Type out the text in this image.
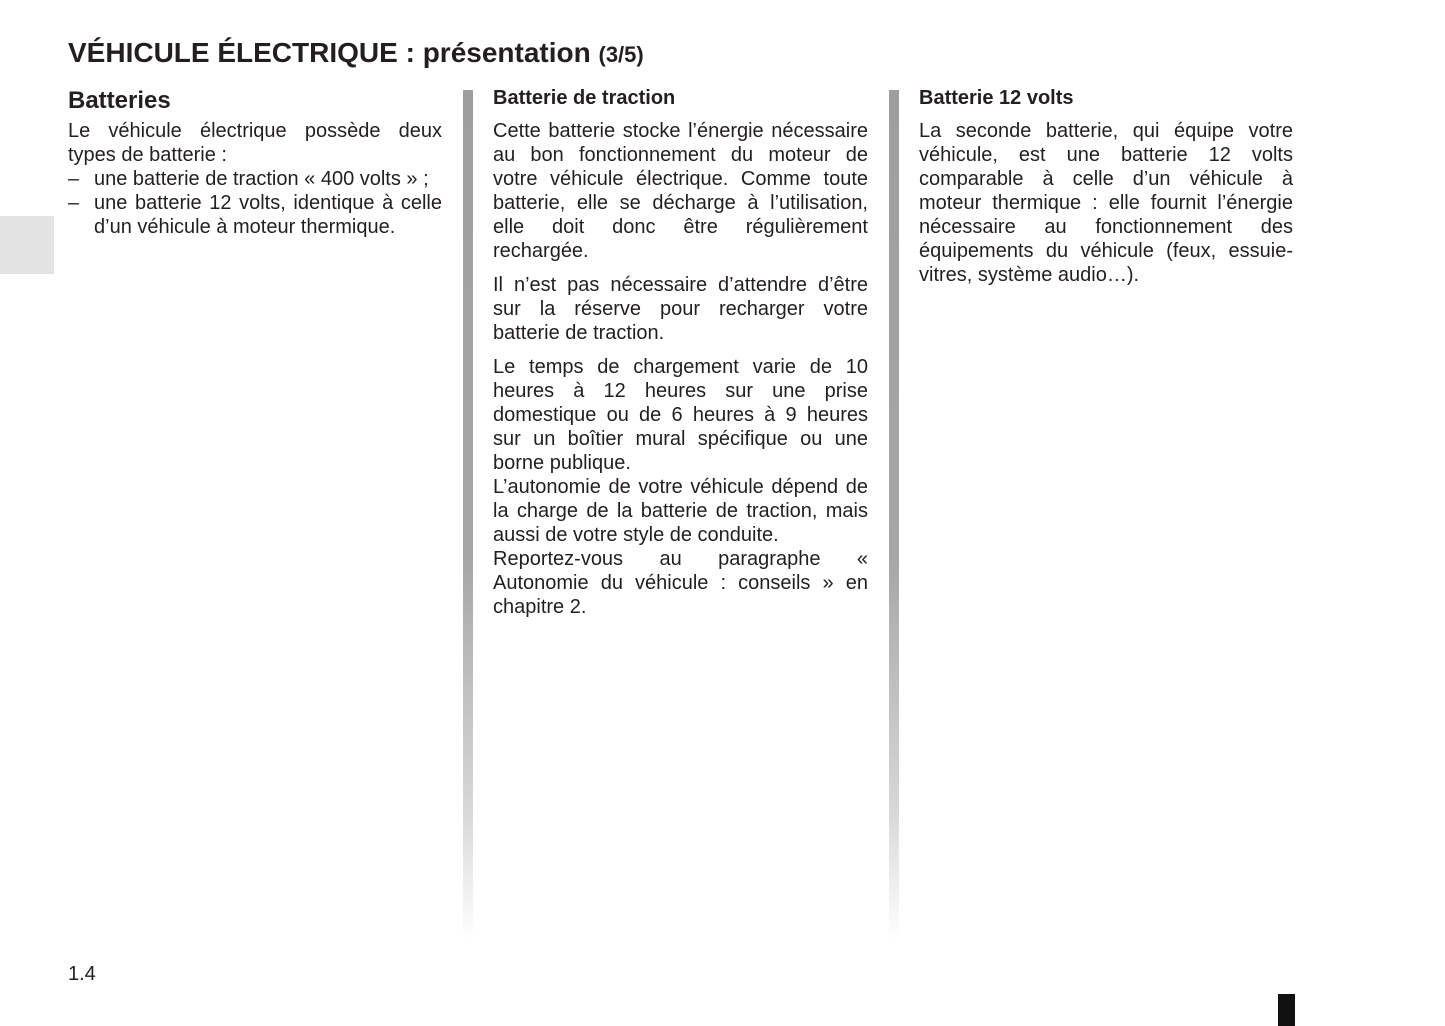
VÉHICULE ÉLECTRIQUE : présentation (3/5)
Batteries

Le véhicule électrique possède deux types de batterie :

– une batterie de traction « 400 volts » ;
– une batterie 12 volts, identique à celle d’un véhicule à moteur thermique.
Batterie de traction

Cette batterie stocke l’énergie nécessaire au bon fonctionnement du moteur de votre véhicule électrique. Comme toute batterie, elle se décharge à l’utilisation, elle doit donc être régulièrement rechargée.

Il n’est pas nécessaire d’attendre d’être sur la réserve pour recharger votre batterie de traction.

Le temps de chargement varie de 10 heures à 12 heures sur une prise domestique ou de 6 heures à 9 heures sur un boîtier mural spécifique ou une borne publique.

L’autonomie de votre véhicule dépend de la charge de la batterie de traction, mais aussi de votre style de conduite.

Reportez-vous au paragraphe « Autonomie du véhicule : conseils » en chapitre 2.

Batterie 12 volts

La seconde batterie, qui équipe votre véhicule, est une batterie 12 volts comparable à celle d’un véhicule à moteur thermique : elle fournit l’énergie nécessaire au fonctionnement des équipements du véhicule (feux, essuie-vitres, système audio…).

1.4
